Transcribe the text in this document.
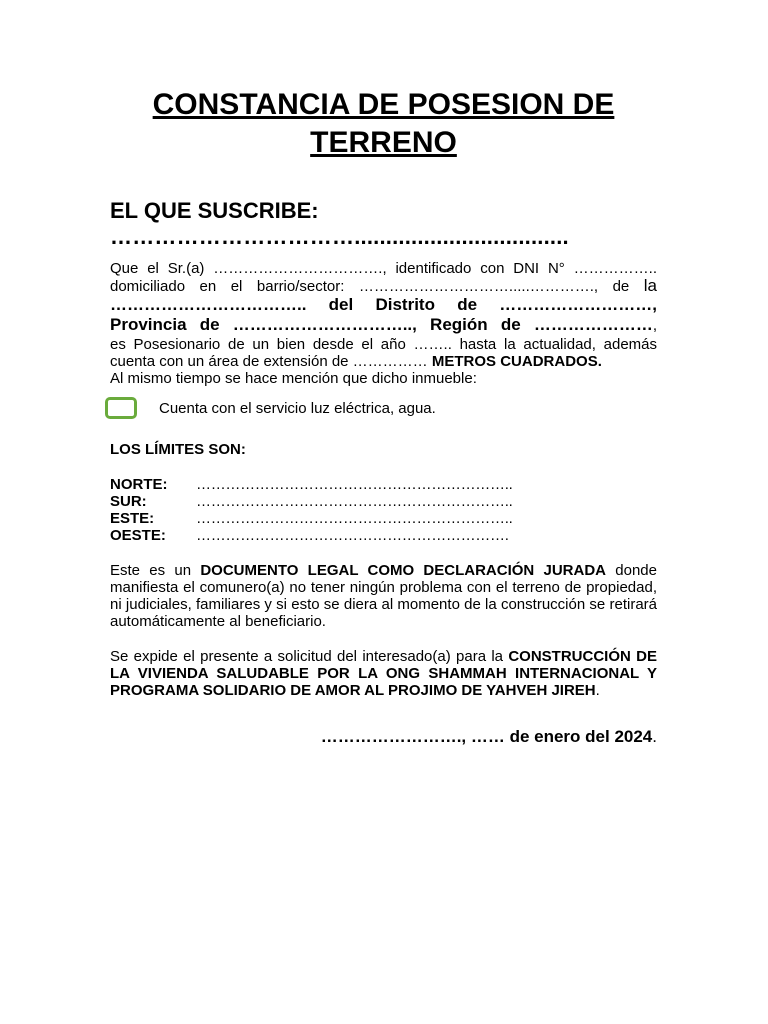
CONSTANCIA DE POSESION DE
TERRENO
EL QUE SUSCRIBE:
……………………………..................................
Que el Sr.(a) ……………………………., identificado con DNI N° ……………..
domiciliado en el barrio/sector: ………………………….....…………., de la
…………………………….. del Distrito de ………………………,
Provincia de ………………………….., Región de …………………,
es Posesionario de un bien desde el año …….. hasta la actualidad, además
cuenta con un área de extensión de …………… METROS CUADRADOS.
Al mismo tiempo se hace mención que dicho inmueble:
Cuenta con el servicio luz eléctrica, agua.
LOS LÍMITES SON:
NORTE:	………………………………………………………..
SUR:	………………………………………………………..
ESTE:	………………………………………………………..
OESTE:	……………………………………………………….
Este es un DOCUMENTO LEGAL COMO DECLARACIÓN JURADA donde manifiesta el comunero(a) no tener ningún problema con el terreno de propiedad, ni judiciales, familiares y si esto se diera al momento de la construcción se retirará automáticamente al beneficiario.
Se expide el presente a solicitud del interesado(a) para la CONSTRUCCIÓN DE LA VIVIENDA SALUDABLE POR LA ONG SHAMMAH INTERNACIONAL Y PROGRAMA SOLIDARIO DE AMOR AL PROJIMO DE YAHVEH JIREH.
……………………., …… de enero del 2024.
